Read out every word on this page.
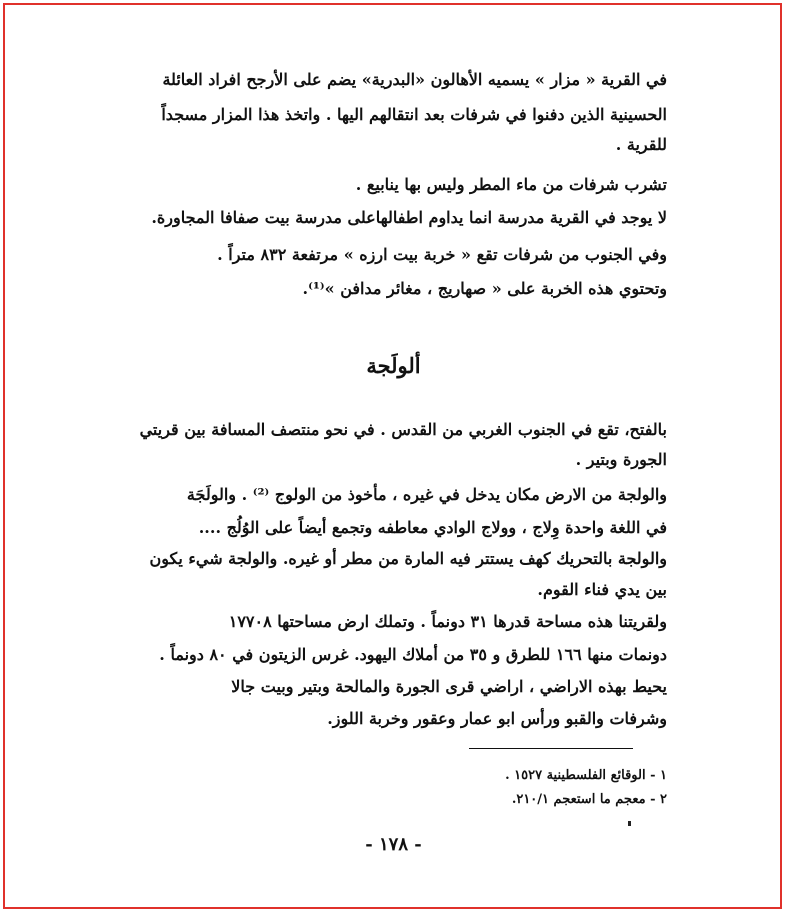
في القرية « مزار » يسميه الأهالون «البدرية» يضم على الأرجح افراد العائلة
الحسينية الذين دفنوا في شرفات بعد انتقالهم اليها . واتخذ هذا المزار مسجداً
للقرية .
تشرب شرفات من ماء المطر وليس بها ينابيع .
لا يوجد في القرية مدرسة انما يداوم اطفالهاعلى مدرسة بيت صفافا المجاورة.
وفي الجنوب من شرفات تقع « خربة بيت ارزه » مرتفعة ٨٣٢ متراً .
وتحتوي هذه الخربة على « صهاريج ، مغائر مدافن »⁽¹⁾.
ألولَجة
بالفتح، تقع في الجنوب الغربي من القدس . في نحو منتصف المسافة بين قريتي
الجورة وبتير .
والولجة من الارض مكان يدخل في غيره ، مأخوذ من الولوج ⁽²⁾ . والولَجَة
في اللغة واحدة وِلاج ، وولاج الوادي معاطفه وتجمع أيضاً على الوُلُج ....
والولجة بالتحريك كهف يستتر فيه المارة من مطر أو غيره. والولجة شيء يكون
بين يدي فناء القوم.
ولقريتنا هذه مساحة قدرها ٣١ دونماً . وتملك ارض مساحتها ١٧٧٠٨
دونمات منها ١٦٦ للطرق و ٣٥ من أملاك اليهود. غرس الزيتون في ٨٠ دونماً .
يحيط بهذه الاراضي ، اراضي قرى الجورة والمالحة وبتير وبيت جالا
وشرفات والقبو ورأس ابو عمار وعقور وخربة اللوز.
١ - الوقائع الفلسطينية ١٥٢٧ .
٢ - معجم ما استعجم ٢١٠/١.
- ١٧٨ -
